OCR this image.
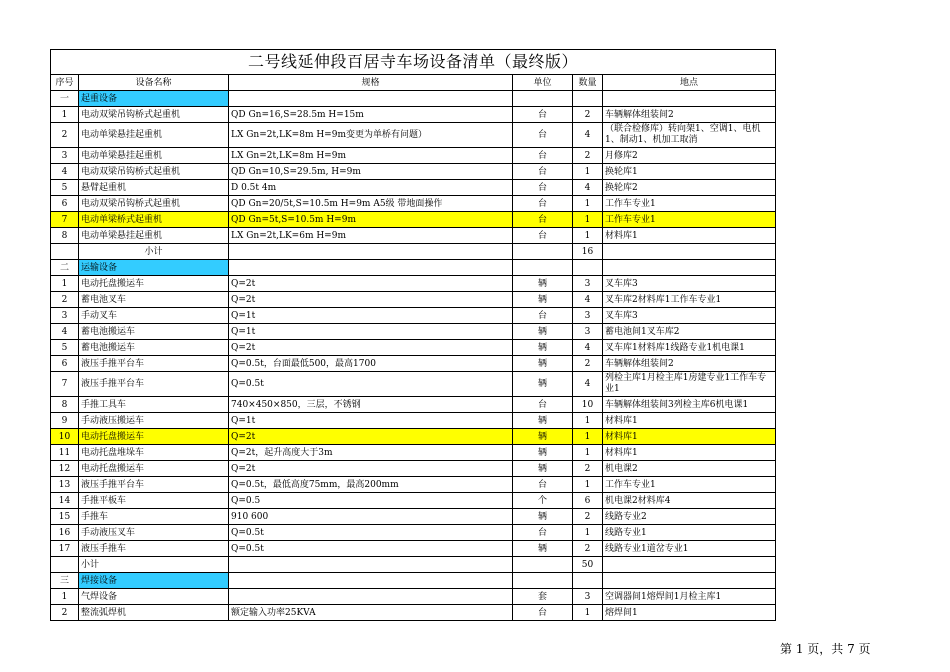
二号线延伸段百居寺车场设备清单（最终版）					
序号	设备名称	规格	单位	数量	地点
一	起重设备				
1	电动双梁吊钩桥式起重机	QD Gn=16,S=28.5m H=15m	台	2	车辆解体组装间2
2	电动单梁悬挂起重机	LX Gn=2t,LK=8m H=9m变更为单桥有问题）	台	4	（联合检修库）转向架1、空调1、电机1、制动1、机加工取消
3	电动单梁悬挂起重机	LX Gn=2t,LK=8m H=9m	台	2	月修库2
4	电动双梁吊钩桥式起重机	QD Gn=10,S=29.5m, H=9m	台	1	换轮库1
5	悬臂起重机	D 0.5t 4m	台	4	换轮库2
6	电动双梁吊钩桥式起重机	QD Gn=20/5t,S=10.5m H=9m A5级 带地面操作	台	1	工作车专业1
7	电动单梁桥式起重机	QD Gn=5t,S=10.5m H=9m	台	1	工作车专业1
8	电动单梁悬挂起重机	LX Gn=2t,LK=6m H=9m	台	1	材料库1
	小计			16	
二	运输设备				
1	电动托盘搬运车	Q=2t	辆	3	叉车库3
2	蓄电池叉车	Q=2t	辆	4	叉车库2材料库1工作车专业1
3	手动叉车	Q=1t	台	3	叉车库3
4	蓄电池搬运车	Q=1t	辆	3	蓄电池间1叉车库2
5	蓄电池搬运车	Q=2t	辆	4	叉车库1材料库1线路专业1机电课1
6	液压手推平台车	Q=0.5t，台面最低500，最高1700	辆	2	车辆解体组装间2
7	液压手推平台车	Q=0.5t	辆	4	列检主库1月检主库1房建专业1工作车专业1
8	手推工具车	740×450×850，三层，不锈钢	台	10	车辆解体组装间3列检主库6机电课1
9	手动液压搬运车	Q=1t	辆	1	材料库1
10	电动托盘搬运车	Q=2t	辆	1	材料库1
11	电动托盘堆垛车	Q=2t，起升高度大于3m	辆	1	材料库1
12	电动托盘搬运车	Q=2t	辆	2	机电课2
13	液压手推平台车	Q=0.5t，最低高度75mm，最高200mm	台	1	工作车专业1
14	手推平板车	Q=0.5	个	6	机电课2材料库4
15	手推车	910 600	辆	2	线路专业2
16	手动液压叉车	Q=0.5t	台	1	线路专业1
17	液压手推车	Q=0.5t	辆	2	线路专业1道岔专业1
	小计			50	
三	焊接设备				
1	气焊设备		套	3	空调器间1熔焊间1月检主库1
2	整流弧焊机	额定输入功率25KVA	台	1	熔焊间1
第 1 页，共 7 页
